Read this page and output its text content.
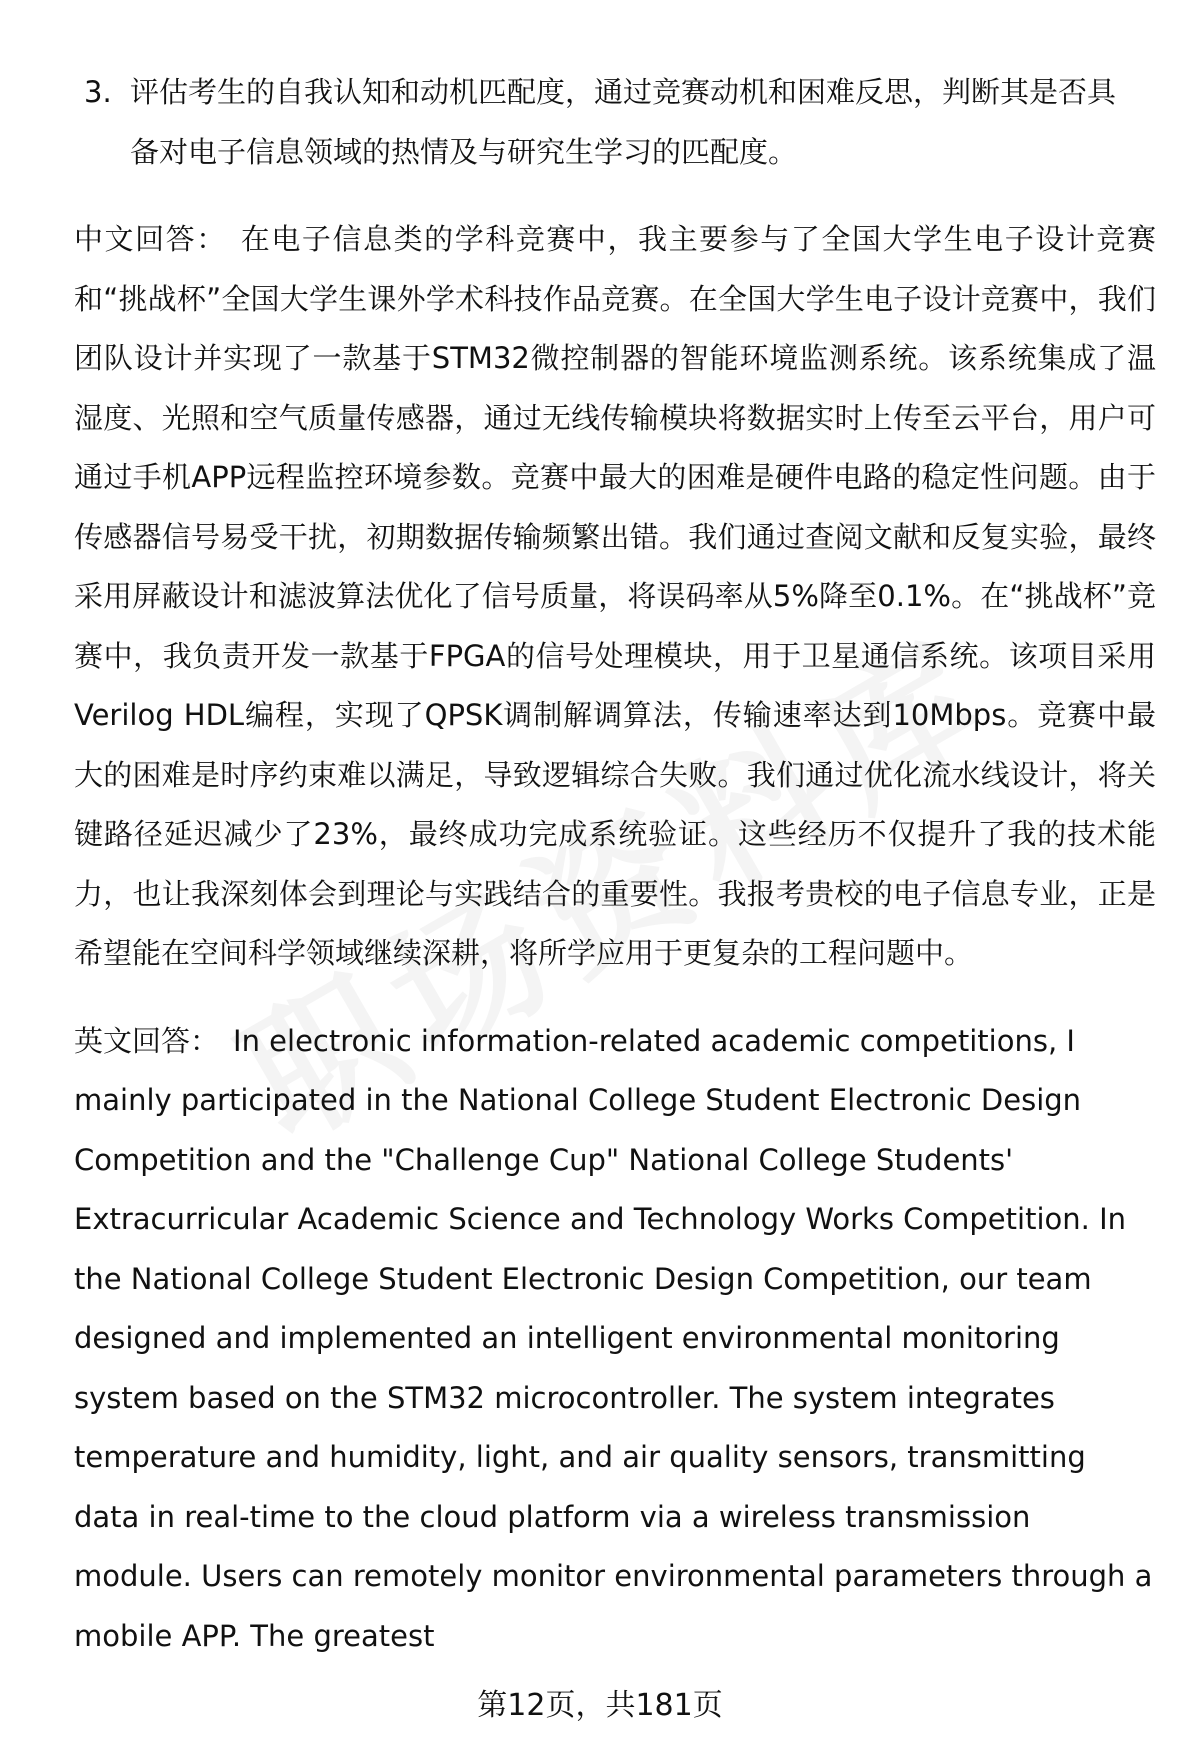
3. 评估考生的自我认知和动机匹配度，通过竞赛动机和困难反思，判断其是否具备对电子信息领域的热情及与研究生学习的匹配度。

中文回答： 在电子信息类的学科竞赛中，我主要参与了全国大学生电子设计竞赛和“挑战杯”全国大学生课外学术科技作品竞赛。在全国大学生电子设计竞赛中，我们团队设计并实现了一款基于STM32微控制器的智能环境监测系统。该系统集成了温湿度、光照和空气质量传感器，通过无线传输模块将数据实时上传至云平台，用户可通过手机APP远程监控环境参数。竞赛中最大的困难是硬件电路的稳定性问题。由于传感器信号易受干扰，初期数据传输频繁出错。我们通过查阅文献和反复实验，最终采用屏蔽设计和滤波算法优化了信号质量，将误码率从5%降至0.1%。在“挑战杯”竞赛中，我负责开发一款基于FPGA的信号处理模块，用于卫星通信系统。该项目采用Verilog HDL编程，实现了QPSK调制解调算法，传输速率达到10Mbps。竞赛中最大的困难是时序约束难以满足，导致逻辑综合失败。我们通过优化流水线设计，将关键路径延迟减少了23%，最终成功完成系统验证。这些经历不仅提升了我的技术能力，也让我深刻体会到理论与实践结合的重要性。我报考贵校的电子信息专业，正是希望能在空间科学领域继续深耕，将所学应用于更复杂的工程问题中。

英文回答： In electronic information-related academic competitions, I mainly participated in the National College Student Electronic Design Competition and the "Challenge Cup" National College Students' Extracurricular Academic Science and Technology Works Competition. In the National College Student Electronic Design Competition, our team designed and implemented an intelligent environmental monitoring system based on the STM32 microcontroller. The system integrates temperature and humidity, light, and air quality sensors, transmitting data in real-time to the cloud platform via a wireless transmission module. Users can remotely monitor environmental parameters through a mobile APP. The greatest

第12页，共181页
